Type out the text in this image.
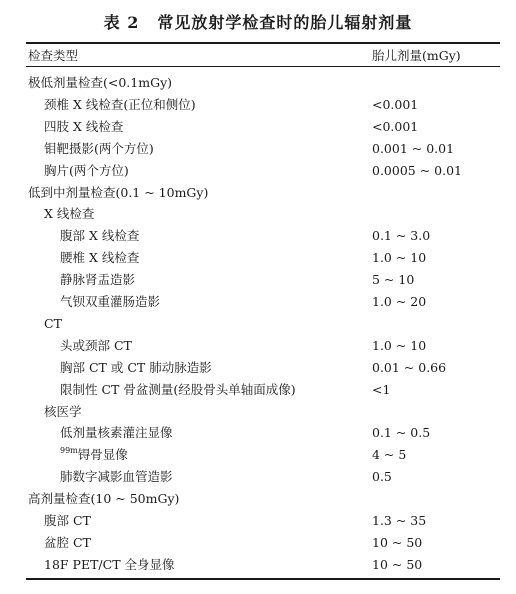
表 2 常见放射学检查时的胎儿辐射剂量
检查类型	胎儿剂量(mGy)
极低剂量检查(<0.1mGy)
颈椎 X 线检查(正位和侧位)	<0.001
四肢 X 线检查	<0.001
钼靶摄影(两个方位)	0.001 ~ 0.01
胸片(两个方位)	0.0005 ~ 0.01
低到中剂量检查(0.1 ~ 10mGy)
X 线检查
腹部 X 线检查	0.1 ~ 3.0
腰椎 X 线检查	1.0 ~ 10
静脉肾盂造影	5 ~ 10
气钡双重灌肠造影	1.0 ~ 20
CT
头或颈部 CT	1.0 ~ 10
胸部 CT 或 CT 肺动脉造影	0.01 ~ 0.66
限制性 CT 骨盆测量(经股骨头单轴面成像)	<1
核医学
低剂量核素灌注显像	0.1 ~ 0.5
$^{99m}$锝骨显像	4 ~ 5
肺数字减影血管造影	0.5
高剂量检查(10 ~ 50mGy)
腹部 CT	1.3 ~ 35
盆腔 CT	10 ~ 50
18F PET/CT 全身显像	10 ~ 50
